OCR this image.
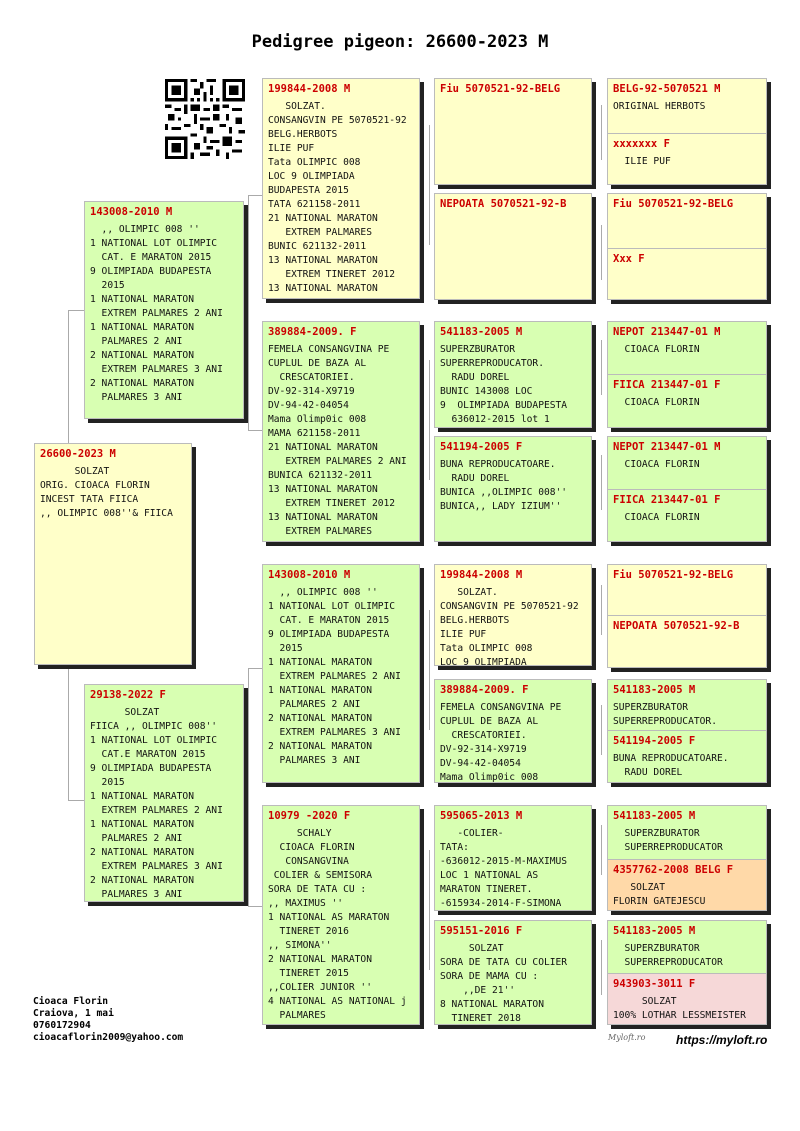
Pedigree pigeon: 26600-2023 M
26600-2023 M
SOLZAT
ORIG. CIOACA FLORIN
INCEST TATA FIICA
,, OLIMPIC 008''& FIICA
143008-2010 M
,, OLIMPIC 008 ''
1 NATIONAL LOT OLIMPIC
CAT. E MARATON 2015
9 OLIMPIADA BUDAPESTA
2015
1 NATIONAL MARATON
EXTREM PALMARES 2 ANI
1 NATIONAL MARATON
PALMARES 2 ANI
2 NATIONAL MARATON
EXTREM PALMARES 3 ANI
2 NATIONAL MARATON
PALMARES 3 ANI
29138-2022 F
SOLZAT
FIICA ,, OLIMPIC 008''
1 NATIONAL LOT OLIMPIC
CAT.E MARATON 2015
9 OLIMPIADA BUDAPESTA
2015
1 NATIONAL MARATON
EXTREM PALMARES 2 ANI
1 NATIONAL MARATON
PALMARES 2 ANI
2 NATIONAL MARATON
EXTREM PALMARES 3 ANI
2 NATIONAL MARATON
PALMARES 3 ANI
199844-2008 M
SOLZAT.
CONSANGVIN PE 5070521-92
BELG.HERBOTS
ILIE PUF
Tata OLIMPIC 008
LOC 9 OLIMPIADA
BUDAPESTA 2015
TATA 621158-2011
21 NATIONAL MARATON
EXTREM PALMARES
BUNIC 621132-2011
13 NATIONAL MARATON
EXTREM TINERET 2012
13 NATIONAL MARATON
389884-2009. F
FEMELA CONSANGVINA PE
CUPLUL DE BAZA AL
CRESCATORIEI.
DV-92-314-X9719
DV-94-42-04054
Mama Olimp0ic 008
MAMA 621158-2011
21 NATIONAL MARATON
EXTREM PALMARES 2 ANI
BUNICA 621132-2011
13 NATIONAL MARATON
EXTREM TINERET 2012
13 NATIONAL MARATON
EXTREM PALMARES
143008-2010 M
,, OLIMPIC 008 ''
1 NATIONAL LOT OLIMPIC
CAT. E MARATON 2015
9 OLIMPIADA BUDAPESTA
2015
1 NATIONAL MARATON
EXTREM PALMARES 2 ANI
1 NATIONAL MARATON
PALMARES 2 ANI
2 NATIONAL MARATON
EXTREM PALMARES 3 ANI
2 NATIONAL MARATON
PALMARES 3 ANI
10979 -2020 F
SCHALY
CIOACA FLORIN
CONSANGVINA
COLIER & SEMISORA
SORA DE TATA CU :
,, MAXIMUS ''
1 NATIONAL AS MARATON
TINERET 2016
,, SIMONA''
2 NATIONAL MARATON
TINERET 2015
,,COLIER JUNIOR ''
4 NATIONAL AS NATIONAL j
PALMARES
Fiu 5070521-92-BELG
NEPOATA 5070521-92-B
541183-2005 M
SUPERZBURATOR
SUPERREPRODUCATOR.
RADU DOREL
BUNIC 143008 LOC
9  OLIMPIADA BUDAPESTA
636012-2015 lot 1
541194-2005 F
BUNA REPRODUCATOARE.
RADU DOREL
BUNICA ,,OLIMPIC 008''
BUNICA,, LADY IZIUM''
199844-2008 M
SOLZAT.
CONSANGVIN PE 5070521-92
BELG.HERBOTS
ILIE PUF
Tata OLIMPIC 008
LOC 9 OLIMPIADA
389884-2009. F
FEMELA CONSANGVINA PE
CUPLUL DE BAZA AL
CRESCATORIEI.
DV-92-314-X9719
DV-94-42-04054
Mama Olimp0ic 008
595065-2013 M
-COLIER-
TATA:
-636012-2015-M-MAXIMUS
LOC 1 NATIONAL AS
MARATON TINERET.
-615934-2014-F-SIMONA
595151-2016 F
SOLZAT
SORA DE TATA CU COLIER
SORA DE MAMA CU :
,,DE 21''
8 NATIONAL MARATON
TINERET 2018
BELG-92-5070521 M
ORIGINAL HERBOTS
xxxxxxx F
ILIE PUF
Fiu 5070521-92-BELG
Xxx F
NEPOT 213447-01 M
CIOACA FLORIN
FIICA 213447-01 F
CIOACA FLORIN
NEPOT 213447-01 M
CIOACA FLORIN
FIICA 213447-01 F
CIOACA FLORIN
Fiu 5070521-92-BELG
NEPOATA 5070521-92-B
541183-2005 M
SUPERZBURATOR
SUPERREPRODUCATOR.
541194-2005 F
BUNA REPRODUCATOARE.
RADU DOREL
541183-2005 M
SUPERZBURATOR
SUPERREPRODUCATOR
4357762-2008 BELG F
SOLZAT
FLORIN GATEJESCU
541183-2005 M
SUPERZBURATOR
SUPERREPRODUCATOR
943903-3011 F
SOLZAT
100% LOTHAR LESSMEISTER
Cioaca Florin
Craiova, 1 mai
0760172904
cioacaflorin2009@yahoo.com	Myloft.ro	https://myloft.ro
